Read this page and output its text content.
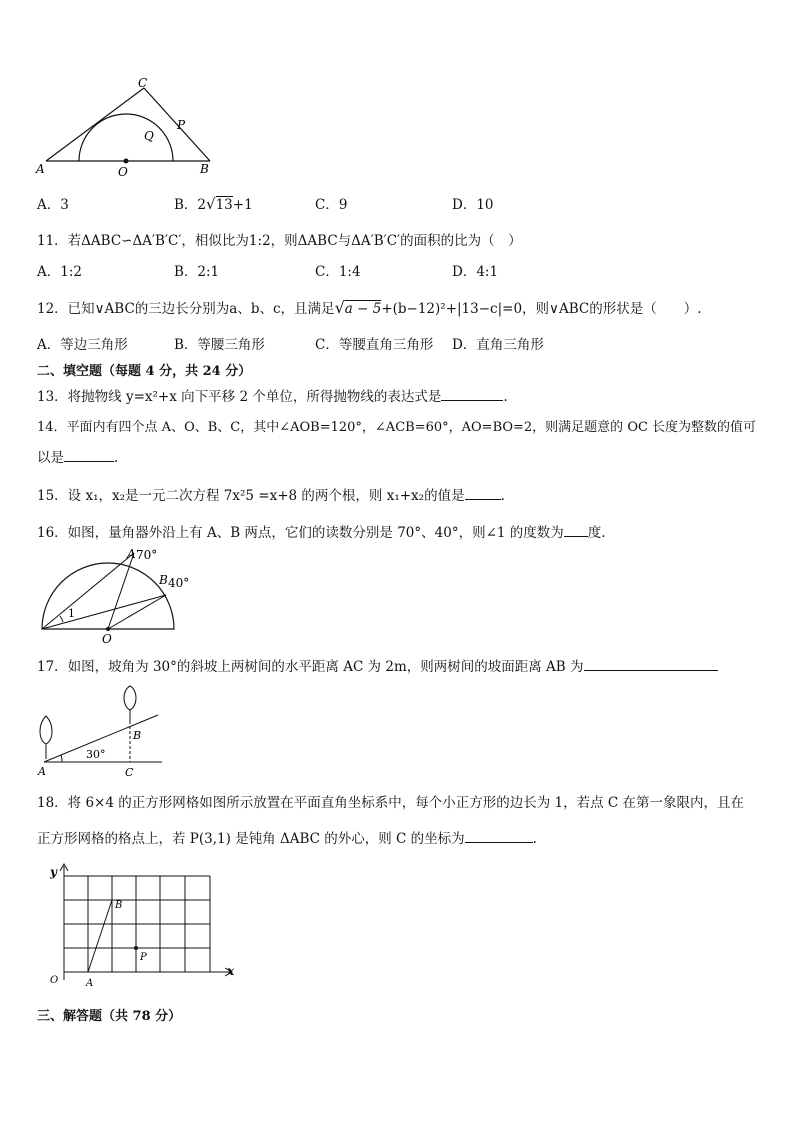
A	B
C
P
Q
O
A．3	B．2√13+1	C．9	D．10
11．若ΔABC∽ΔA′B′C′，相似比为1:2，则ΔABC与ΔA′B′C′的面积的比为（　）
A．1:2	B．2:1	C．1:4	D．4:1
12．已知∨ABC的三边长分别为a、b、c，且满足√a − 5+(b−12)²+|13−c|=0，则∨ABC的形状是（　　）.
A．等边三角形	B．等腰三角形	C．等腰直角三角形 D．直角三角形
二、填空题（每题 4 分，共 24 分）
13．将抛物线 y=x²+x 向下平移 2 个单位，所得抛物线的表达式是	.
14．平面内有四个点 A、O、B、C，其中∠AOB=120°，∠ACB=60°，AO=BO=2，则满足题意的 OC 长度为整数的值可
以是	.
15．设 x₁，x₂是一元二次方程 7x²5 =x+8 的两个根，则 x₁+x₂的值是	.
16．如图，量角器外沿上有 A、B 两点，它们的读数分别是 70°、40°，则∠1 的度数为 度.
1
A 70°
B 40°
O
17．如图，坡角为 30°的斜坡上两树间的水平距离 AC 为 2m，则两树间的坡面距离 AB 为
30°
A
B
C
18．将 6×4 的正方形网格如图所示放置在平面直角坐标系中，每个小正方形的边长为 1，若点 C 在第一象限内，且在
正方形网格的格点上，若 P(3,1) 是钝角 ΔABC 的外心，则 C 的坐标为	.
y
x
O	A
B
P
三、解答题（共 78 分）
